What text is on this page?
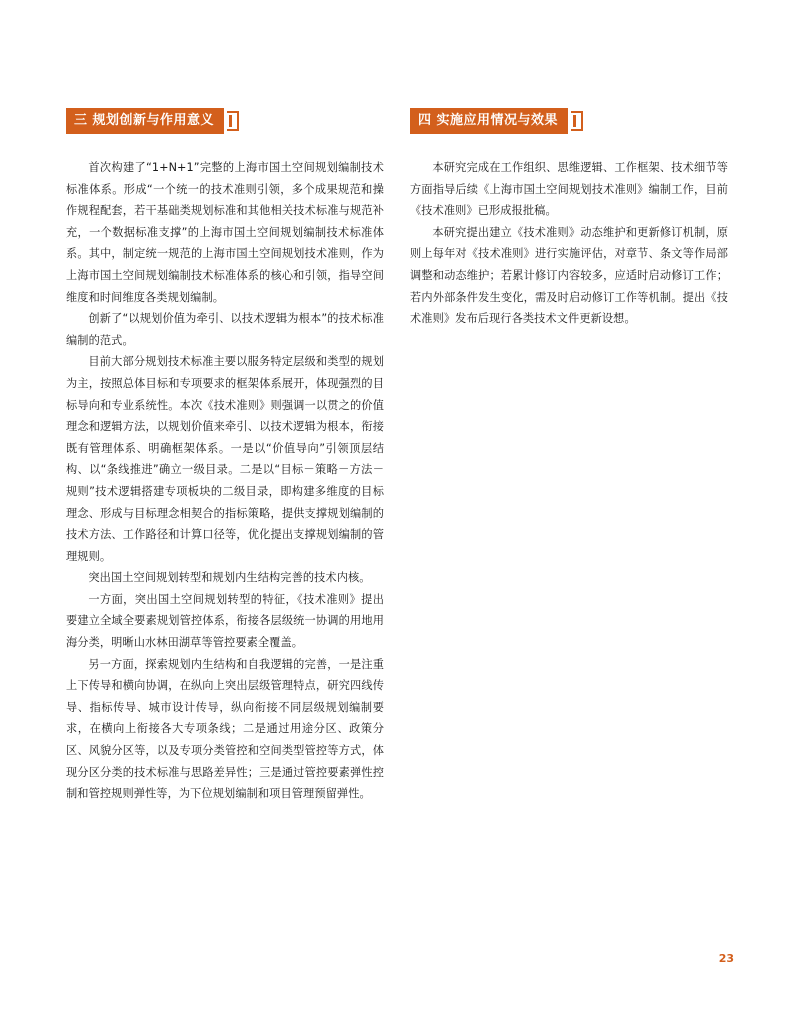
三 规划创新与作用意义

首次构建了“1+N+1”完整的上海市国土空间规划编制技术标准体系。形成“一个统一的技术准则引领，多个成果规范和操作规程配套，若干基础类规划标准和其他相关技术标准与规范补充，一个数据标准支撑”的上海市国土空间规划编制技术标准体系。其中，制定统一规范的上海市国土空间规划技术准则，作为上海市国土空间规划编制技术标准体系的核心和引领，指导空间维度和时间维度各类规划编制。

创新了“以规划价值为牵引、以技术逻辑为根本”的技术标准编制的范式。

目前大部分规划技术标准主要以服务特定层级和类型的规划为主，按照总体目标和专项要求的框架体系展开，体现强烈的目标导向和专业系统性。本次《技术准则》则强调一以贯之的价值理念和逻辑方法，以规划价值来牵引、以技术逻辑为根本，衔接既有管理体系、明确框架体系。一是以“价值导向”引领顶层结构、以“条线推进”确立一级目录。二是以“目标－策略－方法－规则”技术逻辑搭建专项板块的二级目录，即构建多维度的目标理念、形成与目标理念相契合的指标策略，提供支撑规划编制的技术方法、工作路径和计算口径等，优化提出支撑规划编制的管理规则。

突出国土空间规划转型和规划内生结构完善的技术内核。

一方面，突出国土空间规划转型的特征，《技术准则》提出要建立全域全要素规划管控体系，衔接各层级统一协调的用地用海分类，明晰山水林田湖草等管控要素全覆盖。

另一方面，探索规划内生结构和自我逻辑的完善，一是注重上下传导和横向协调，在纵向上突出层级管理特点，研究四线传导、指标传导、城市设计传导，纵向衔接不同层级规划编制要求，在横向上衔接各大专项条线；二是通过用途分区、政策分区、风貌分区等，以及专项分类管控和空间类型管控等方式，体现分区分类的技术标准与思路差异性；三是通过管控要素弹性控制和管控规则弹性等，为下位规划编制和项目管理预留弹性。

四 实施应用情况与效果

本研究完成在工作组织、思维逻辑、工作框架、技术细节等方面指导后续《上海市国土空间规划技术准则》编制工作，目前《技术准则》已形成报批稿。

本研究提出建立《技术准则》动态维护和更新修订机制，原则上每年对《技术准则》进行实施评估，对章节、条文等作局部调整和动态维护；若累计修订内容较多，应适时启动修订工作；若内外部条件发生变化，需及时启动修订工作等机制。提出《技术准则》发布后现行各类技术文件更新设想。

23
